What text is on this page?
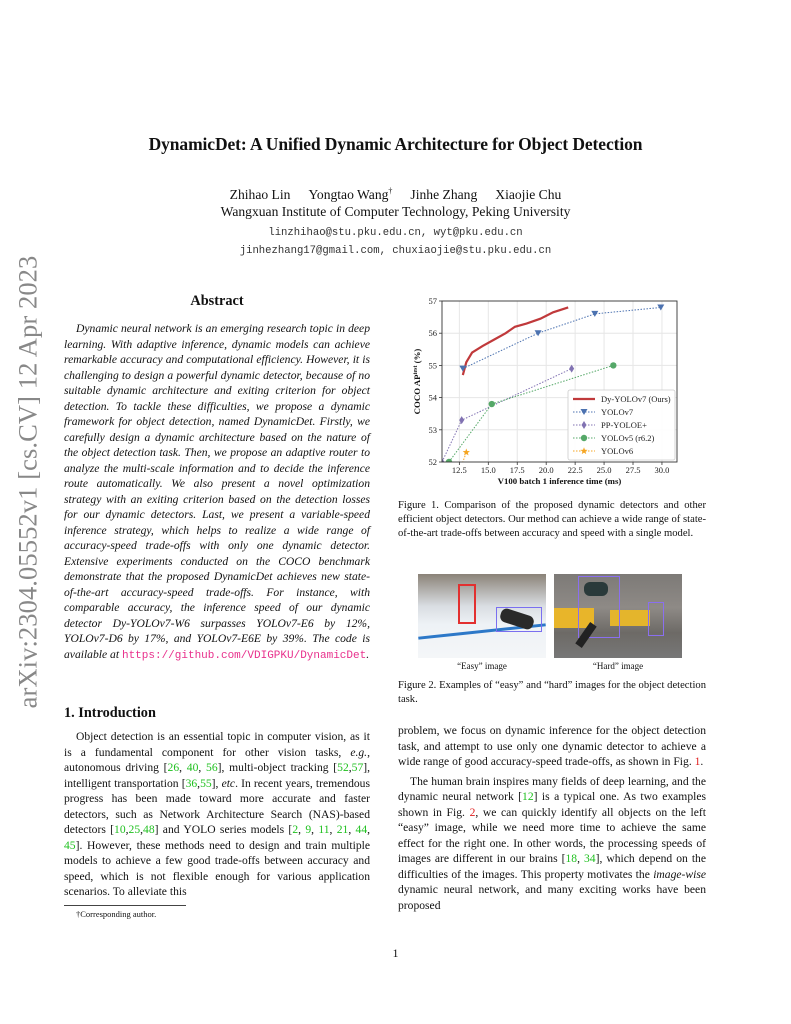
arXiv:2304.05552v1 [cs.CV] 12 Apr 2023
DynamicDet: A Unified Dynamic Architecture for Object Detection
Zhihao Lin Yongtao Wang† Jinhe Zhang Xiaojie Chu
Wangxuan Institute of Computer Technology, Peking University
linzhihao@stu.pku.edu.cn, wyt@pku.edu.cn
jinhezhang17@gmail.com, chuxiaojie@stu.pku.edu.cn
Abstract
Dynamic neural network is an emerging research topic in deep learning. With adaptive inference, dynamic models can achieve remarkable accuracy and computational efficiency. However, it is challenging to design a powerful dynamic detector, because of no suitable dynamic architecture and exiting criterion for object detection. To tackle these difficulties, we propose a dynamic framework for object detection, named DynamicDet. Firstly, we carefully design a dynamic architecture based on the nature of the object detection task. Then, we propose an adaptive router to analyze the multi-scale information and to decide the inference route automatically. We also present a novel optimization strategy with an exiting criterion based on the detection losses for our dynamic detectors. Last, we present a variable-speed inference strategy, which helps to realize a wide range of accuracy-speed trade-offs with only one dynamic detector. Extensive experiments conducted on the COCO benchmark demonstrate that the proposed DynamicDet achieves new state-of-the-art accuracy-speed trade-offs. For instance, with comparable accuracy, the inference speed of our dynamic detector Dy-YOLOv7-W6 surpasses YOLOv7-E6 by 12%, YOLOv7-D6 by 17%, and YOLOv7-E6E by 39%. The code is available at https://github.com/VDIGPKU/DynamicDet.
1. Introduction
Object detection is an essential topic in computer vision, as it is a fundamental component for other vision tasks, e.g., autonomous driving [26, 40, 56], multi-object tracking [52,57], intelligent transportation [36,55], etc. In recent years, tremendous progress has been made toward more accurate and faster detectors, such as Network Architecture Search (NAS)-based detectors [10,25,48] and YOLO series models [2, 9, 11, 21, 44, 45]. However, these methods need to design and train multiple models to achieve a few good trade-offs between accuracy and speed, which is not flexible enough for various application scenarios. To alleviate this
†Corresponding author.
12.5 15.0 17.5 20.0 22.5 25.0 27.5 30.0
52
53
54
55
56
57
V100 batch 1 inference time (ms)
COCO $AP^{test}$ (%)
Dy-YOLOv7 (Ours)
YOLOv7
PP-YOLOE+
YOLOv5 (r6.2)
YOLOv6
Figure 1. Comparison of the proposed dynamic detectors and other efficient object detectors. Our method can achieve a wide range of state-of-the-art trade-offs between accuracy and speed with a single model.
“Easy” image	“Hard” image
Figure 2. Examples of “easy” and “hard” images for the object detection task.

problem, we focus on dynamic inference for the object detection task, and attempt to use only one dynamic detector to achieve a wide range of good accuracy-speed trade-offs, as shown in Fig. 1.

The human brain inspires many fields of deep learning, and the dynamic neural network [12] is a typical one. As two examples shown in Fig. 2, we can quickly identify all objects on the left “easy” image, while we need more time to achieve the same effect for the right one. In other words, the processing speeds of images are different in our brains [18, 34], which depend on the difficulties of the images. This property motivates the image-wise dynamic neural network, and many exciting works have been proposed

1
